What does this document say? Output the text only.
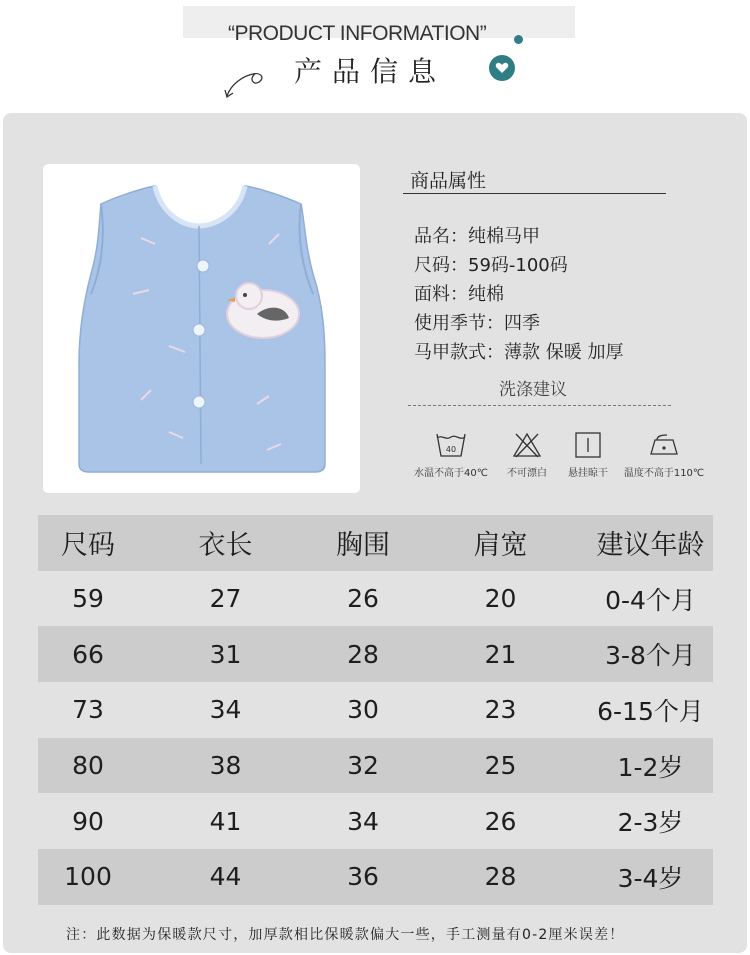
“PRODUCT INFORMATION”
产品信息
商品属性
品名：纯棉马甲
尺码：59码-100码
面料：纯棉
使用季节：四季
马甲款式：薄款 保暖 加厚
洗涤建议
40
水温不高于40℃	不可漂白	悬挂晾干	温度不高于110℃
尺码	衣长	胸围	肩宽	建议年龄
59	27	26	20	0-4个月
66	31	28	21	3-8个月
73	34	30	23	6-15个月
80	38	32	25	1-2岁
90	41	34	26	2-3岁
100	44	36	28	3-4岁
注：此数据为保暖款尺寸，加厚款相比保暖款偏大一些，手工测量有0-2厘米误差！
